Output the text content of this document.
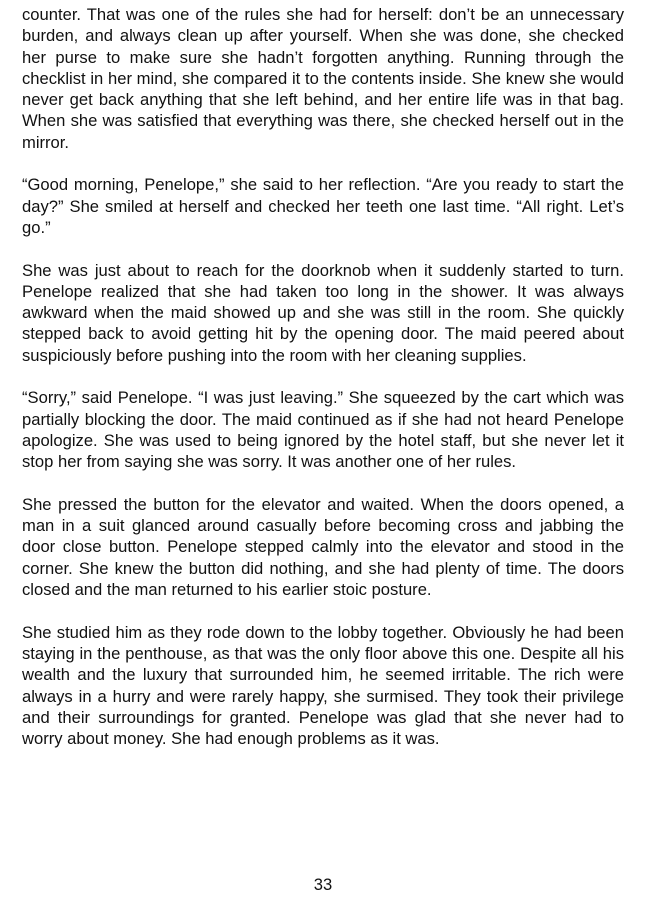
counter. That was one of the rules she had for herself: don’t be an unnecessary burden, and always clean up after yourself. When she was done, she checked her purse to make sure she hadn’t forgotten anything. Running through the checklist in her mind, she compared it to the contents inside. She knew she would never get back anything that she left behind, and her entire life was in that bag. When she was satisfied that everything was there, she checked herself out in the mirror.

“Good morning, Penelope,” she said to her reflection. “Are you ready to start the day?” She smiled at herself and checked her teeth one last time. “All right. Let’s go.”

She was just about to reach for the doorknob when it suddenly started to turn. Penelope realized that she had taken too long in the shower. It was always awkward when the maid showed up and she was still in the room. She quickly stepped back to avoid getting hit by the opening door. The maid peered about suspiciously before pushing into the room with her cleaning supplies.

“Sorry,” said Penelope. “I was just leaving.” She squeezed by the cart which was partially blocking the door. The maid continued as if she had not heard Penelope apologize. She was used to being ignored by the hotel staff, but she never let it stop her from saying she was sorry. It was another one of her rules.

She pressed the button for the elevator and waited. When the doors opened, a man in a suit glanced around casually before becoming cross and jabbing the door close button. Penelope stepped calmly into the elevator and stood in the corner. She knew the button did nothing, and she had plenty of time. The doors closed and the man returned to his earlier stoic posture.

She studied him as they rode down to the lobby together. Obviously he had been staying in the penthouse, as that was the only floor above this one. Despite all his wealth and the luxury that surrounded him, he seemed irritable. The rich were always in a hurry and were rarely happy, she surmised. They took their privilege and their surroundings for granted. Penelope was glad that she never had to worry about money. She had enough problems as it was.

33
